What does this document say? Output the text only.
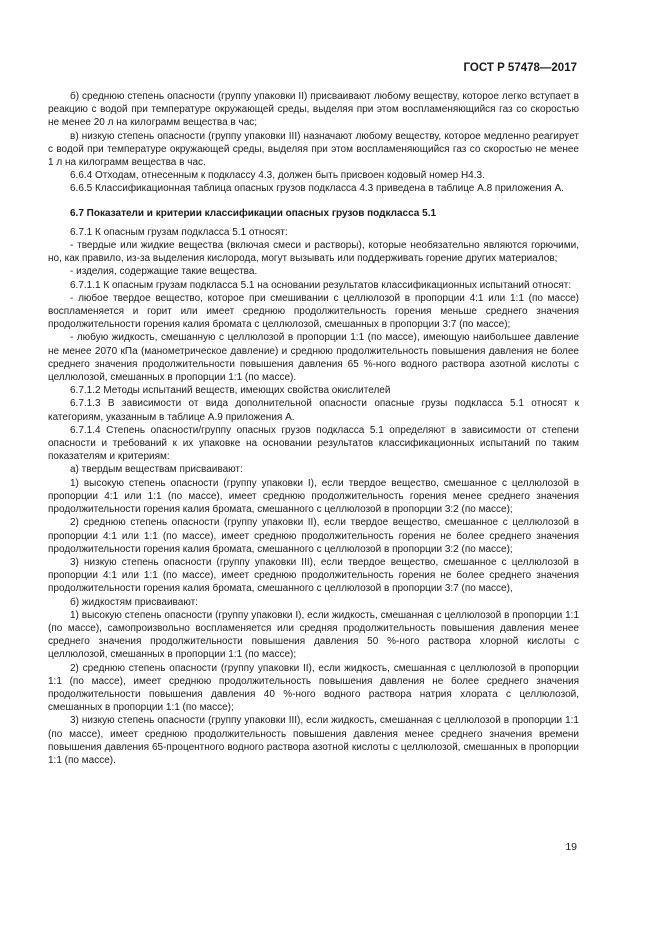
ГОСТ Р 57478—2017

б) среднюю степень опасности (группу упаковки II) присваивают любому веществу, которое легко вступает в реакцию с водой при температуре окружающей среды, выделяя при этом воспламеняющийся газ со скоростью не менее 20 л на килограмм вещества в час;

в) низкую степень опасности (группу упаковки III) назначают любому веществу, которое медленно реагирует с водой при температуре окружающей среды, выделяя при этом воспламеняющийся газ со скоростью не менее 1 л на килограмм вещества в час.

6.6.4 Отходам, отнесенным к подклассу 4.3, должен быть присвоен кодовый номер Н4.3.

6.6.5 Классификационная таблица опасных грузов подкласса 4.3 приведена в таблице А.8 приложения А.

6.7 Показатели и критерии классификации опасных грузов подкласса 5.1

6.7.1 К опасным грузам подкласса 5.1 относят:

- твердые или жидкие вещества (включая смеси и растворы), которые необязательно являются горючими, но, как правило, из-за выделения кислорода, могут вызывать или поддерживать горение других материалов;

- изделия, содержащие такие вещества.

6.7.1.1 К опасным грузам подкласса 5.1 на основании результатов классификационных испытаний относят:

- любое твердое вещество, которое при смешивании с целлюлозой в пропорции 4:1 или 1:1 (по массе) воспламеняется и горит или имеет среднюю продолжительность горения меньше среднего значения продолжительности горения калия бромата с целлюлозой, смешанных в пропорции 3:7 (по массе);

- любую жидкость, смешанную с целлюлозой в пропорции 1:1 (по массе), имеющую наибольшее давление не менее 2070 кПа (манометрическое давление) и среднюю продолжительность повышения давления не более среднего значения продолжительности повышения давления 65 %-ного водного раствора азотной кислоты с целлюлозой, смешанных в пропорции 1:1 (по массе).

6.7.1.2 Методы испытаний веществ, имеющих свойства окислителей

6.7.1.3 В зависимости от вида дополнительной опасности опасные грузы подкласса 5.1 относят к категориям, указанным в таблице А.9 приложения А.

6.7.1.4 Степень опасности/группу опасных грузов подкласса 5.1 определяют в зависимости от степени опасности и требований к их упаковке на основании результатов классификационных испытаний по таким показателям и критериям:

а) твердым веществам присваивают:

1) высокую степень опасности (группу упаковки I), если твердое вещество, смешанное с целлюлозой в пропорции 4:1 или 1:1 (по массе), имеет среднюю продолжительность горения менее среднего значения продолжительности горения калия бромата, смешанного с целлюлозой в пропорции 3:2 (по массе);

2) среднюю степень опасности (группу упаковки II), если твердое вещество, смешанное с целлюлозой в пропорции 4:1 или 1:1 (по массе), имеет среднюю продолжительность горения не более среднего значения продолжительности горения калия бромата, смешанного с целлюлозой в пропорции 3:2 (по массе);

3) низкую степень опасности (группу упаковки III), если твердое вещество, смешанное с целлюлозой в пропорции 4:1 или 1:1 (по массе), имеет среднюю продолжительность горения не более среднего значения продолжительности горения калия бромата, смешанного с целлюлозой в пропорции 3:7 (по массе),

б) жидкостям присваивают:

1) высокую степень опасности (группу упаковки I), если жидкость, смешанная с целлюлозой в пропорции 1:1 (по массе), самопроизвольно воспламеняется или средняя продолжительность повышения давления менее среднего значения продолжительности повышения давления 50 %-ного раствора хлорной кислоты с целлюлозой, смешанных в пропорции 1:1 (по массе);

2) среднюю степень опасности (группу упаковки II), если жидкость, смешанная с целлюлозой в пропорции 1:1 (по массе), имеет среднюю продолжительность повышения давления не более среднего значения продолжительности повышения давления 40 %-ного водного раствора натрия хлората с целлюлозой, смешанных в пропорции 1:1 (по массе);

3) низкую степень опасности (группу упаковки III), если жидкость, смешанная с целлюлозой в пропорции 1:1 (по массе), имеет среднюю продолжительность повышения давления менее среднего значения времени повышения давления 65-процентного водного раствора азотной кислоты с целлюлозой, смешанных в пропорции 1:1 (по массе).

19
